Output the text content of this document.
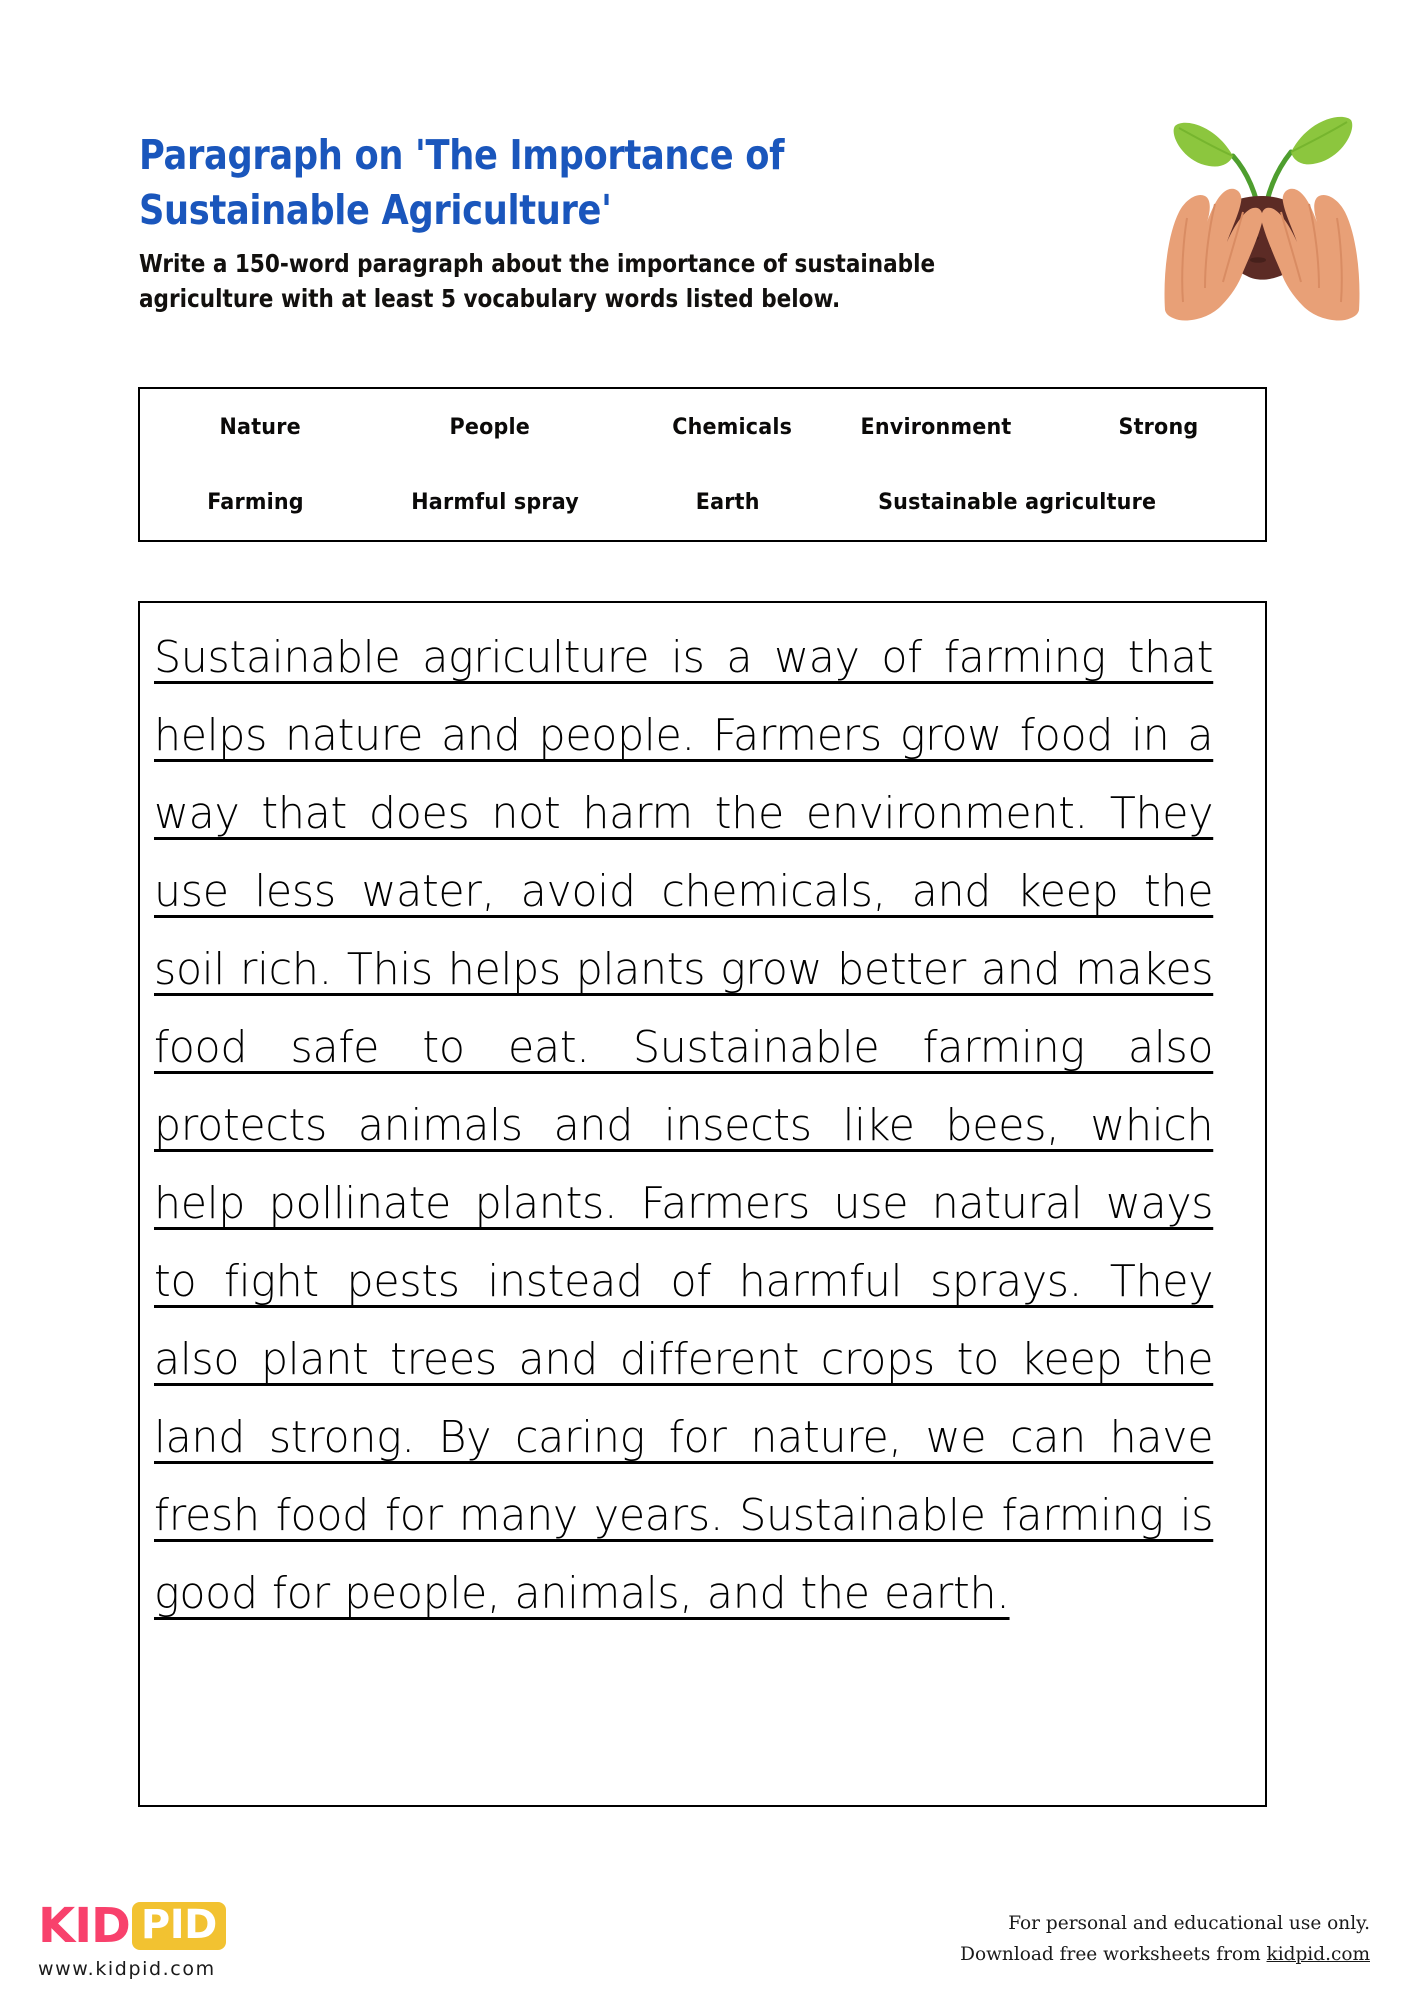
Paragraph on 'The Importance of Sustainable Agriculture'

Write a 150-word paragraph about the importance of sustainable agriculture with at least 5 vocabulary words listed below.

Nature	People	Chemicals	Environment	Strong
Farming	Harmful spray	Earth	Sustainable agriculture
Sustainable agriculture is a way of farming that helps nature and people. Farmers grow food in a way that does not harm the environment. They use less water, avoid chemicals, and keep the soil rich. This helps plants grow better and makes food safe to eat. Sustainable farming also protects animals and insects like bees, which help pollinate plants. Farmers use natural ways to fight pests instead of harmful sprays. They also plant trees and different crops to keep the land strong. By caring for nature, we can have fresh food for many years. Sustainable farming is good for people, animals, and the earth.
KID PID
www.kidpid.com
For personal and educational use only.
Download free worksheets from kidpid.com
